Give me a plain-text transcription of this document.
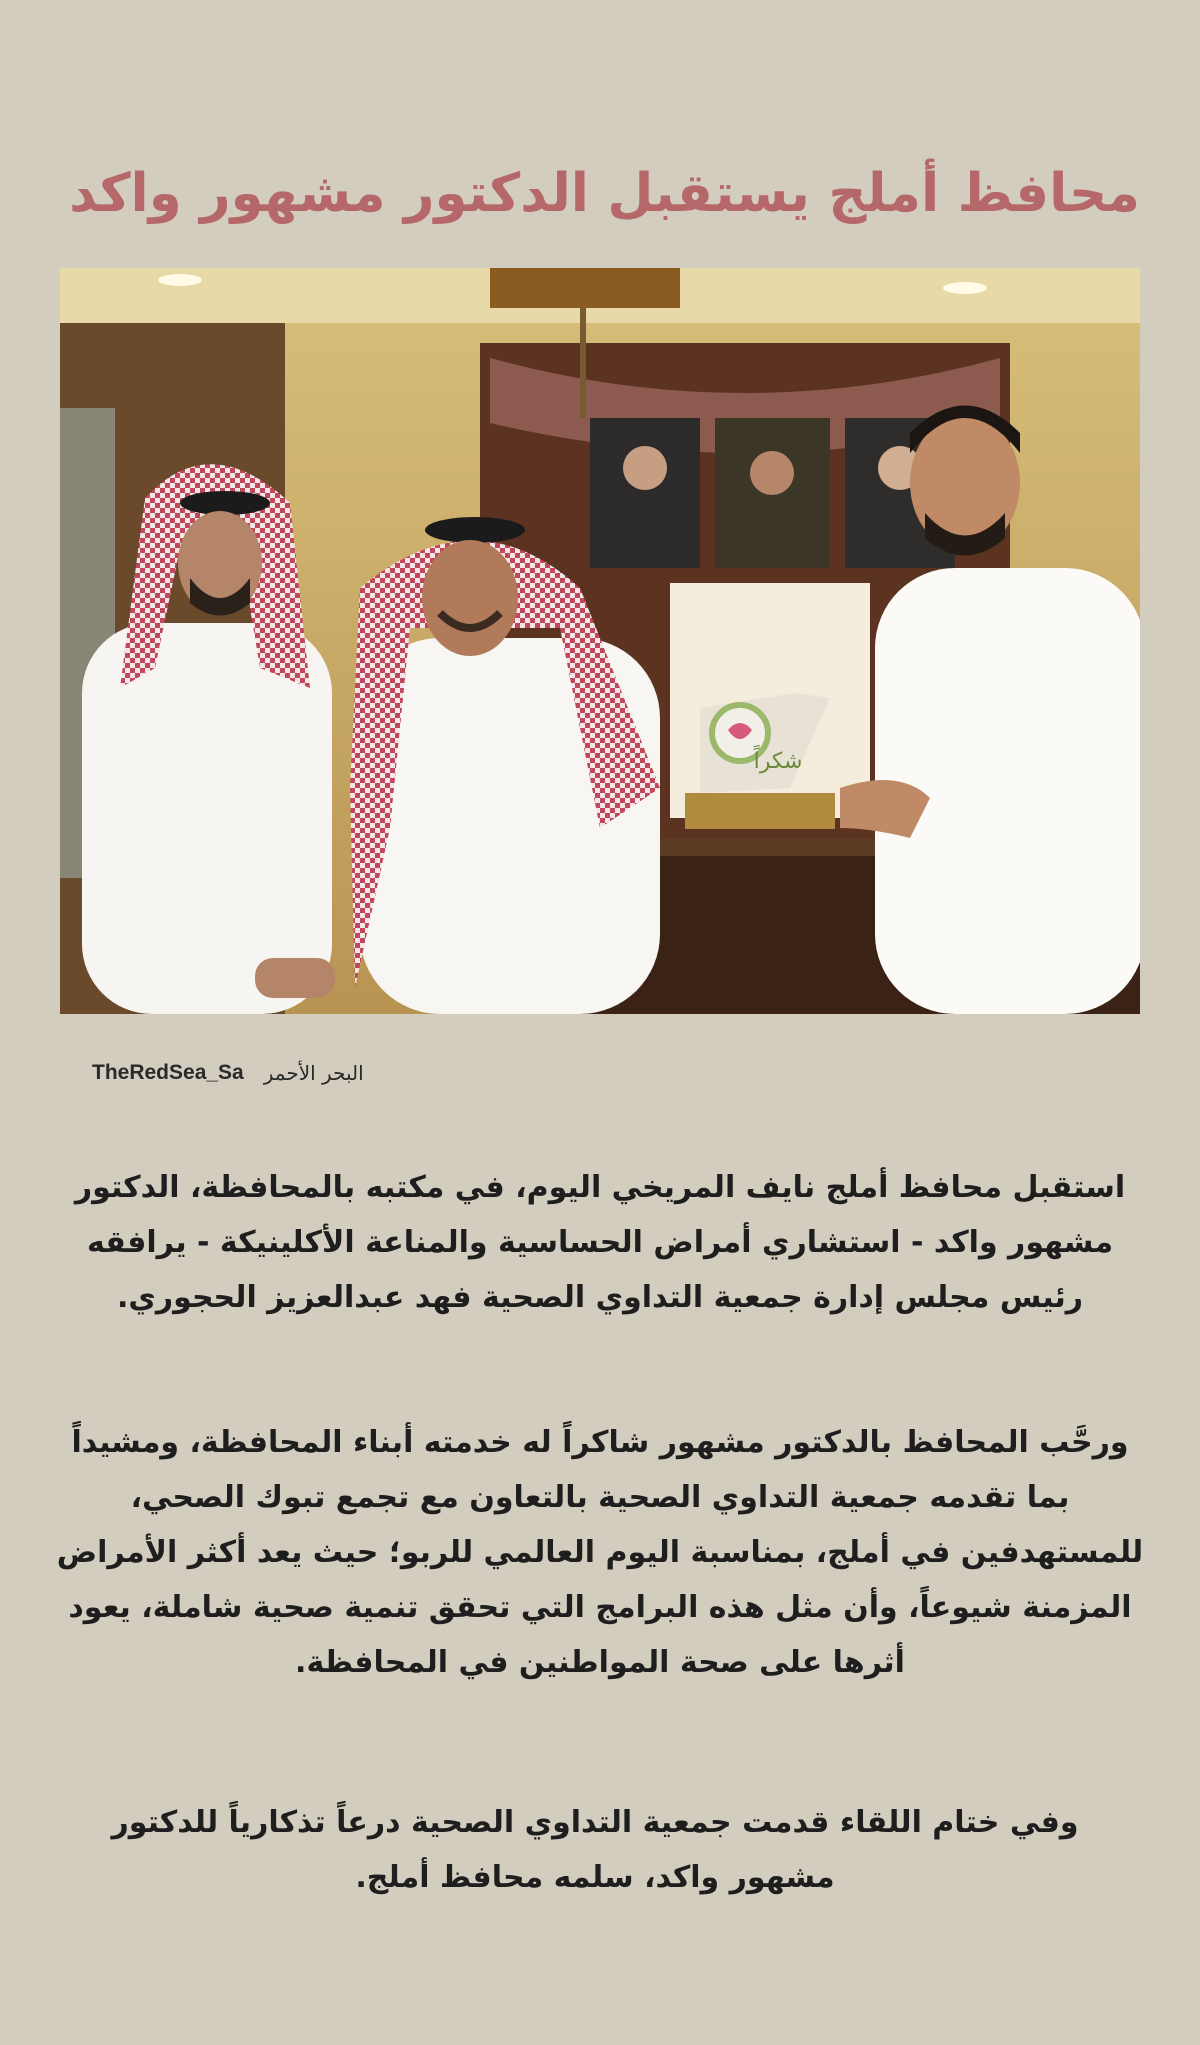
محافظ أملج يستقبل الدكتور مشهور واكد
شكراً
البحر الأحمر
TheRedSea_Sa

استقبل محافظ أملج نايف المريخي اليوم، في مكتبه بالمحافظة، الدكتور مشهور واكد - استشاري أمراض الحساسية والمناعة الأكلينيكة - يرافقه رئيس مجلس إدارة جمعية التداوي الصحية فهد عبدالعزيز الحجوري.

ورحَّب المحافظ بالدكتور مشهور شاكراً له خدمته أبناء المحافظة، ومشيداً بما تقدمه جمعية التداوي الصحية بالتعاون مع تجمع تبوك الصحي، للمستهدفين في أملج، بمناسبة اليوم العالمي للربو؛ حيث يعد أكثر الأمراض المزمنة شيوعاً، وأن مثل هذه البرامج التي تحقق تنمية صحية شاملة، يعود أثرها على صحة المواطنين في المحافظة.

وفي ختام اللقاء قدمت جمعية التداوي الصحية درعاً تذكارياً للدكتور مشهور واكد، سلمه محافظ أملج.
